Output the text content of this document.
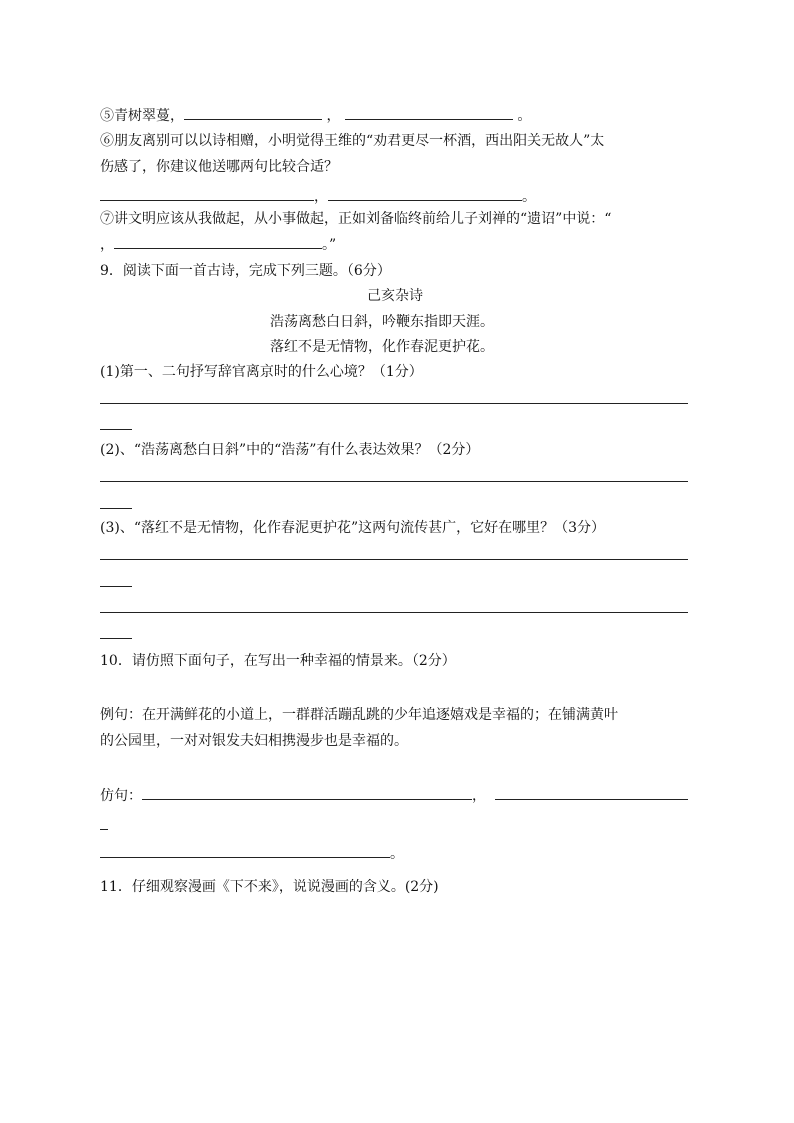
⑤青树翠蔓，	，	。
⑥朋友离别可以以诗相赠，小明觉得王维的“劝君更尽一杯酒，西出阳关无故人”太
伤感了，你建议他送哪两句比较合适？
，	。
⑦讲文明应该从我做起，从小事做起，正如刘备临终前给儿子刘禅的“遗诏”中说：“
，	。”
9．阅读下面一首古诗，完成下列三题。（6分）
己亥杂诗
浩荡离愁白日斜，吟鞭东指即天涯。
落红不是无情物，化作春泥更护花。
(1)第一、二句抒写辞官离京时的什么心境？（1分）
(2)、“浩荡离愁白日斜”中的“浩荡”有什么表达效果？（2分）
(3)、“落红不是无情物，化作春泥更护花”这两句流传甚广，它好在哪里？（3分）
10．请仿照下面句子，在写出一种幸福的情景来。（2分）
例句：在开满鲜花的小道上，一群群活蹦乱跳的少年追逐嬉戏是幸福的；在铺满黄叶
的公园里，一对对银发夫妇相携漫步也是幸福的。
仿句：	，
。
11．仔细观察漫画《下不来》，说说漫画的含义。(2分)
